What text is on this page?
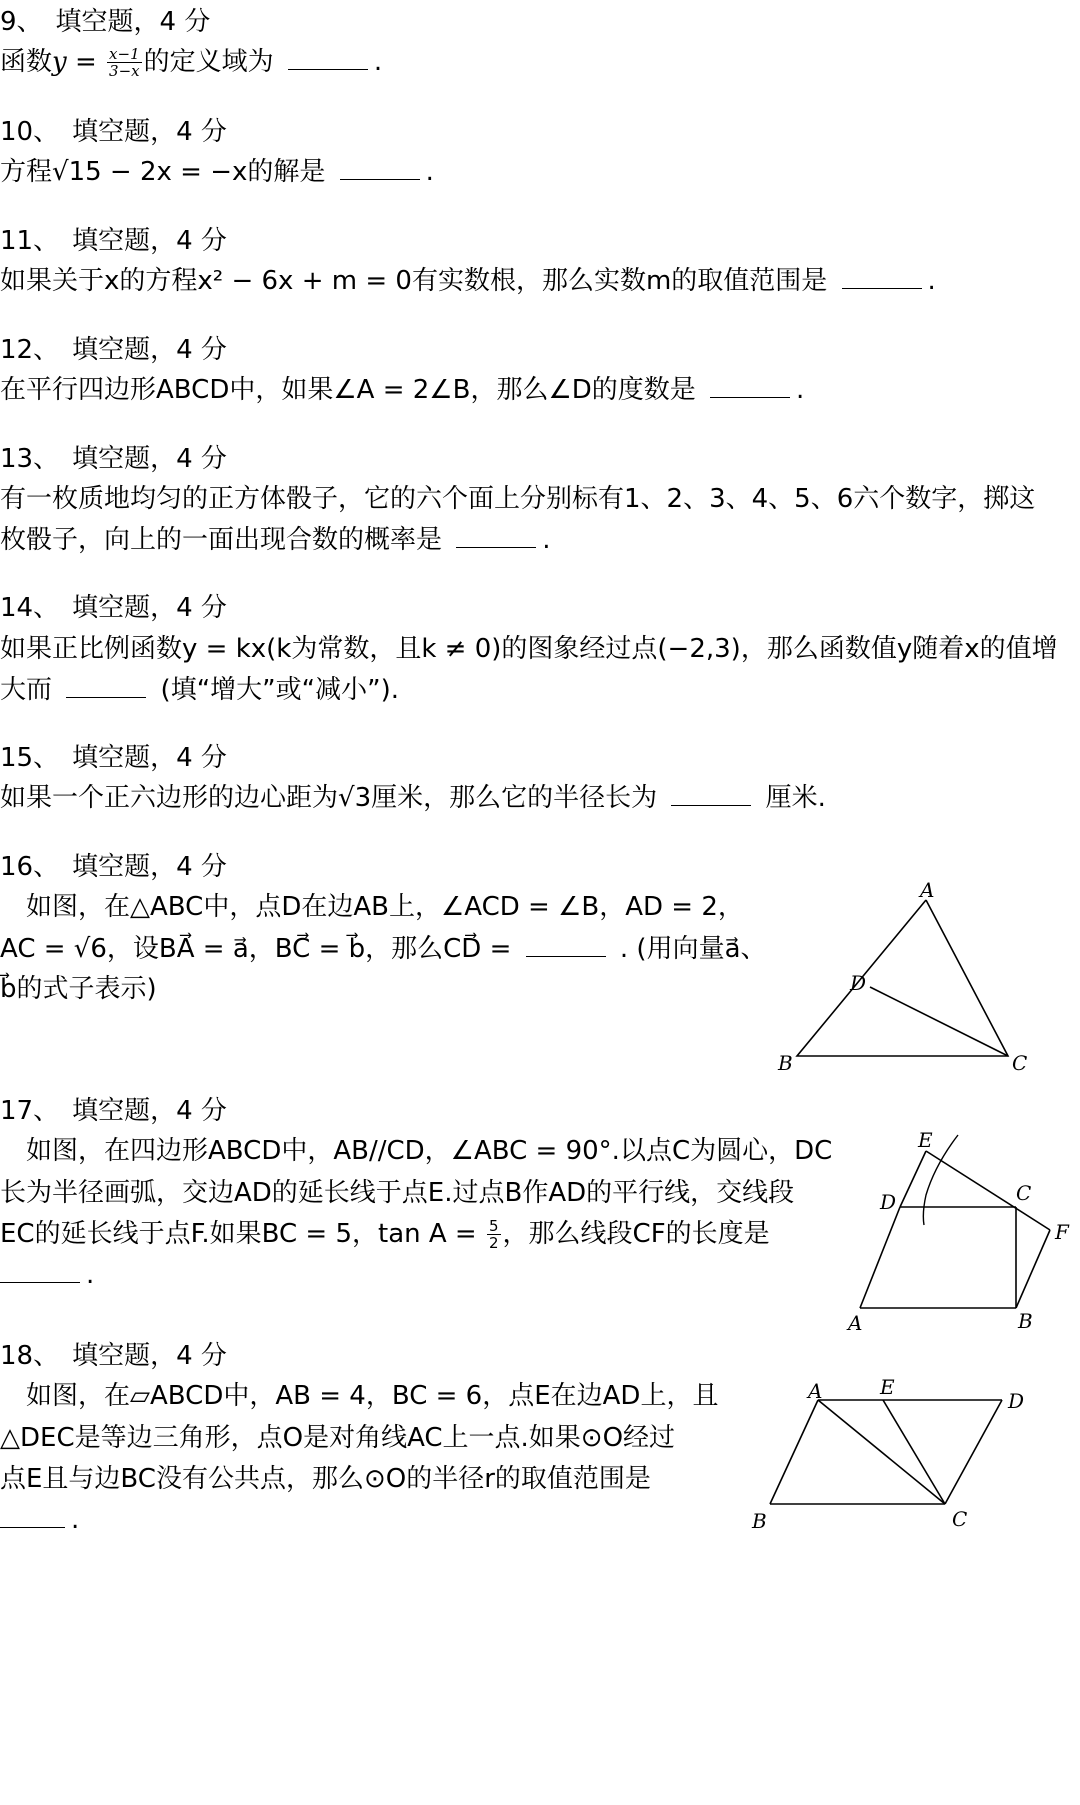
9、　填空题，4 分
函数$y = \frac{x-1}{3-x}$ 的定义域为	.
10、　填空题，4 分
方程√15 − 2x = −x的解是	.
11、　填空题，4 分
如果关于x的方程x² − 6x + m = 0有实数根，那么实数m的取值范围是	.
12、　填空题，4 分
在平行四边形ABCD中，如果∠A = 2∠B，那么∠D的度数是	.
13、　填空题，4 分
有一枚质地均匀的正方体骰子，它的六个面上分别标有1、2、3、4、5、6六个数字，掷这
枚骰子，向上的一面出现合数的概率是	.
14、　填空题，4 分
如果正比例函数y = kx(k为常数，且k ≠ 0)的图象经过点(−2,3)，那么函数值y随着x的值增
大而	(填“增大”或“减小”).
15、　填空题，4 分
如果一个正六边形的边心距为√3厘米，那么它的半径长为	厘米.
16、　填空题，4 分
　如图，在△ABC中，点D在边AB上，∠ACD = ∠B，AD = 2，
AC = √6，设BA⃗ = a⃗，BC⃗ = b⃗，那么CD⃗ =	. (用向量a⃗、
b⃗的式子表示)
A
B	C
D
17、　填空题，4 分
　如图，在四边形ABCD中，AB//CD，∠ABC = 90°.以点C为圆心，DC
长为半径画弧，交边AD的延长线于点E.过点B作AD的平行线，交线段
EC的延长线于点F.如果BC = 5，$\tan A = \frac{5}{2}$ ，那么线段CF的长度是
.
E
D	C
F
A	B
18、　填空题，4 分
　如图，在▱ABCD中，AB = 4，BC = 6，点E在边AD上，且
△DEC是等边三角形，点O是对角线AC上一点.如果⊙O经过
点E且与边BC没有公共点，那么⊙O的半径r的取值范围是
.
A	E
D
B	C
